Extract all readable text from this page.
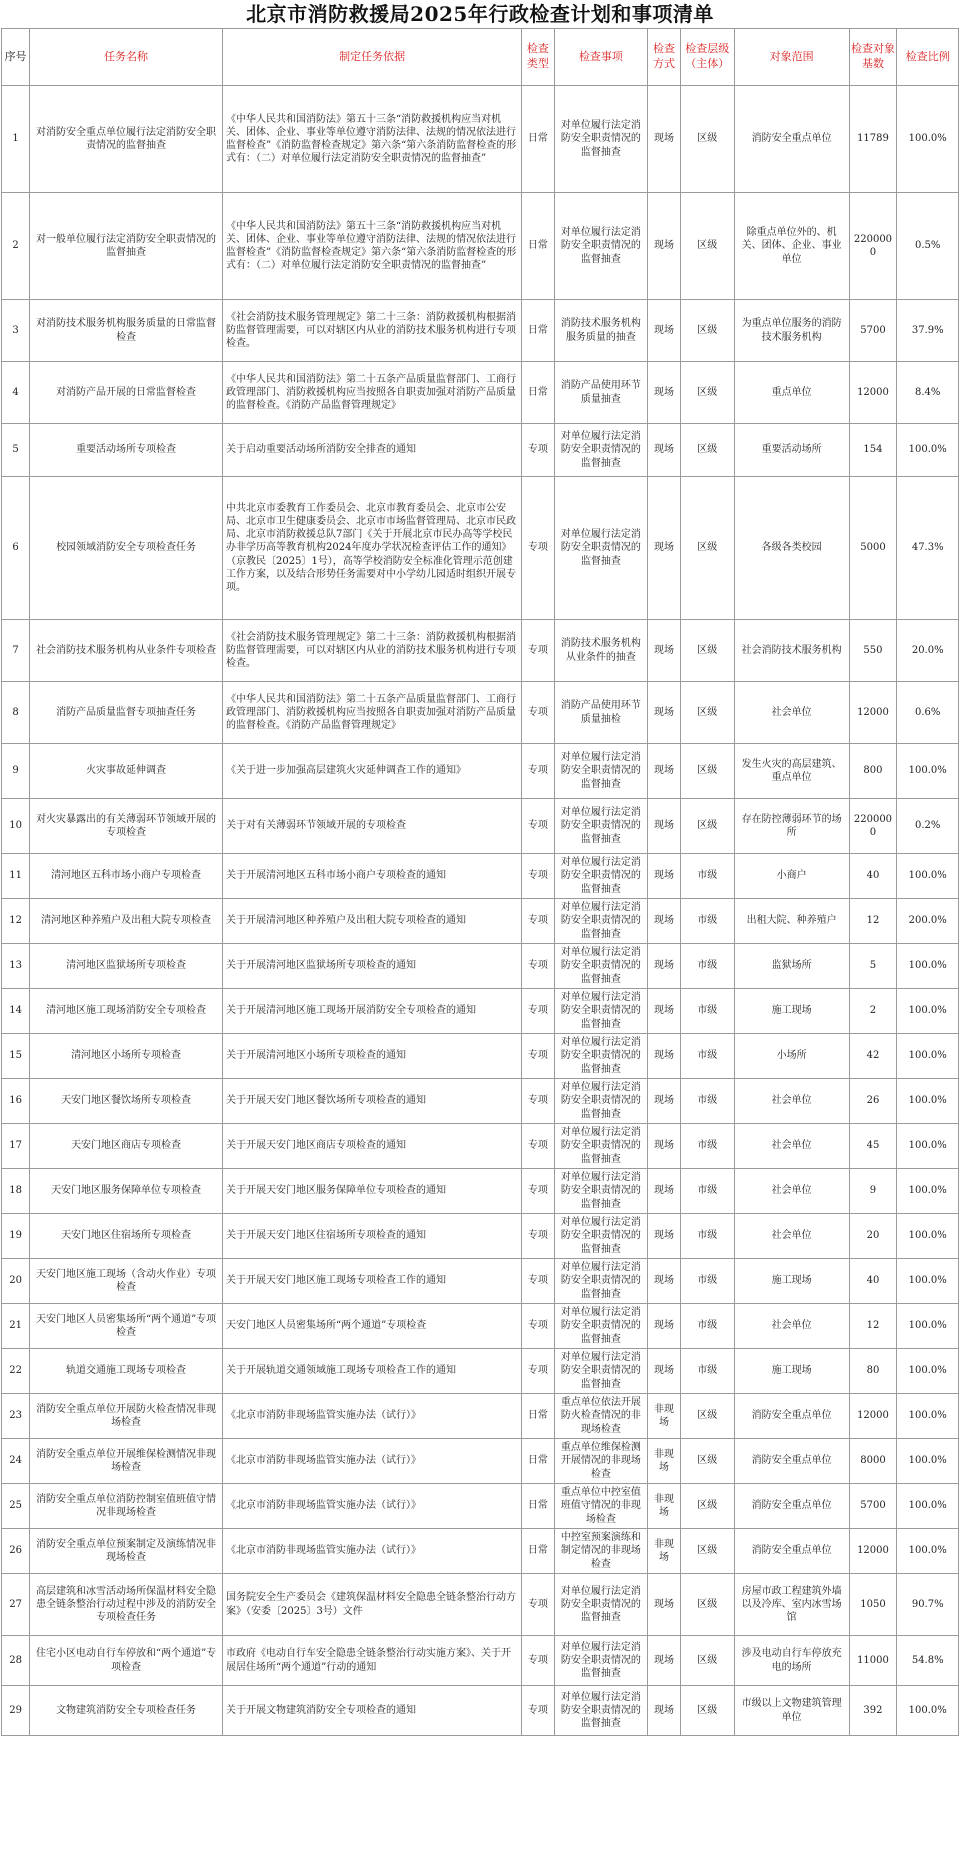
北京市消防救援局2025年行政检查计划和事项清单
序号	任务名称	制定任务依据	检查类型	检查事项	检查方式	检查层级（主体）	对象范围	检查对象基数	检查比例
1	对消防安全重点单位履行法定消防安全职责情况的监督抽查	《中华人民共和国消防法》第五十三条“消防救援机构应当对机关、团体、企业、事业等单位遵守消防法律、法规的情况依法进行监督检查”《消防监督检查规定》第六条“第六条消防监督检查的形式有：（二）对单位履行法定消防安全职责情况的监督抽查”	日常	对单位履行法定消防安全职责情况的监督抽查	现场	区级	消防安全重点单位	11789	100.0%
2	对一般单位履行法定消防安全职责情况的监督抽查	《中华人民共和国消防法》第五十三条“消防救援机构应当对机关、团体、企业、事业等单位遵守消防法律、法规的情况依法进行监督检查”《消防监督检查规定》第六条“第六条消防监督检查的形式有：（二）对单位履行法定消防安全职责情况的监督抽查”	日常	对单位履行法定消防安全职责情况的监督抽查	现场	区级	除重点单位外的、机关、团体、企业、事业单位	2200000	0.5%
3	对消防技术服务机构服务质量的日常监督检查	《社会消防技术服务管理规定》第二十三条：消防救援机构根据消防监督管理需要，可以对辖区内从业的消防技术服务机构进行专项检查。	日常	消防技术服务机构服务质量的抽查	现场	区级	为重点单位服务的消防技术服务机构	5700	37.9%
4	对消防产品开展的日常监督检查	《中华人民共和国消防法》第二十五条产品质量监督部门、工商行政管理部门、消防救援机构应当按照各自职责加强对消防产品质量的监督检查。《消防产品监督管理规定》	日常	消防产品使用环节质量抽查	现场	区级	重点单位	12000	8.4%
5	重要活动场所专项检查	关于启动重要活动场所消防安全排查的通知	专项	对单位履行法定消防安全职责情况的监督抽查	现场	区级	重要活动场所	154	100.0%
6	校园领域消防安全专项检查任务	中共北京市委教育工作委员会、北京市教育委员会、北京市公安局、北京市卫生健康委员会、北京市市场监督管理局、北京市民政局、北京市消防救援总队7部门《关于开展北京市民办高等学校民办非学历高等教育机构2024年度办学状况检查评估工作的通知》（京教民〔2025〕1号），高等学校消防安全标准化管理示范创建工作方案，以及结合形势任务需要对中小学幼儿园适时组织开展专项。	专项	对单位履行法定消防安全职责情况的监督抽查	现场	区级	各级各类校园	5000	47.3%
7	社会消防技术服务机构从业条件专项检查	《社会消防技术服务管理规定》第二十三条：消防救援机构根据消防监督管理需要，可以对辖区内从业的消防技术服务机构进行专项检查。	专项	消防技术服务机构从业条件的抽查	现场	区级	社会消防技术服务机构	550	20.0%
8	消防产品质量监督专项抽查任务	《中华人民共和国消防法》第二十五条产品质量监督部门、工商行政管理部门、消防救援机构应当按照各自职责加强对消防产品质量的监督检查。《消防产品监督管理规定》	专项	消防产品使用环节质量抽检	现场	区级	社会单位	12000	0.6%
9	火灾事故延伸调查	《关于进一步加强高层建筑火灾延伸调查工作的通知》	专项	对单位履行法定消防安全职责情况的监督抽查	现场	区级	发生火灾的高层建筑、重点单位	800	100.0%
10	对火灾暴露出的有关薄弱环节领域开展的专项检查	关于对有关薄弱环节领域开展的专项检查	专项	对单位履行法定消防安全职责情况的监督抽查	现场	区级	存在防控薄弱环节的场所	2200000	0.2%
11	清河地区五科市场小商户专项检查	关于开展清河地区五科市场小商户专项检查的通知	专项	对单位履行法定消防安全职责情况的监督抽查	现场	市级	小商户	40	100.0%
12	清河地区种养殖户及出租大院专项检查	关于开展清河地区种养殖户及出租大院专项检查的通知	专项	对单位履行法定消防安全职责情况的监督抽查	现场	市级	出租大院、种养殖户	12	200.0%
13	清河地区监狱场所专项检查	关于开展清河地区监狱场所专项检查的通知	专项	对单位履行法定消防安全职责情况的监督抽查	现场	市级	监狱场所	5	100.0%
14	清河地区施工现场消防安全专项检查	关于开展清河地区施工现场开展消防安全专项检查的通知	专项	对单位履行法定消防安全职责情况的监督抽查	现场	市级	施工现场	2	100.0%
15	清河地区小场所专项检查	关于开展清河地区小场所专项检查的通知	专项	对单位履行法定消防安全职责情况的监督抽查	现场	市级	小场所	42	100.0%
16	天安门地区餐饮场所专项检查	关于开展天安门地区餐饮场所专项检查的通知	专项	对单位履行法定消防安全职责情况的监督抽查	现场	市级	社会单位	26	100.0%
17	天安门地区商店专项检查	关于开展天安门地区商店专项检查的通知	专项	对单位履行法定消防安全职责情况的监督抽查	现场	市级	社会单位	45	100.0%
18	天安门地区服务保障单位专项检查	关于开展天安门地区服务保障单位专项检查的通知	专项	对单位履行法定消防安全职责情况的监督抽查	现场	市级	社会单位	9	100.0%
19	天安门地区住宿场所专项检查	关于开展天安门地区住宿场所专项检查的通知	专项	对单位履行法定消防安全职责情况的监督抽查	现场	市级	社会单位	20	100.0%
20	天安门地区施工现场（含动火作业）专项检查	关于开展天安门地区施工现场专项检查工作的通知	专项	对单位履行法定消防安全职责情况的监督抽查	现场	市级	施工现场	40	100.0%
21	天安门地区人员密集场所“两个通道”专项检查	天安门地区人员密集场所“两个通道”专项检查	专项	对单位履行法定消防安全职责情况的监督抽查	现场	市级	社会单位	12	100.0%
22	轨道交通施工现场专项检查	关于开展轨道交通领域施工现场专项检查工作的通知	专项	对单位履行法定消防安全职责情况的监督抽查	现场	市级	施工现场	80	100.0%
23	消防安全重点单位开展防火检查情况非现场检查	《北京市消防非现场监管实施办法（试行）》	日常	重点单位依法开展防火检查情况的非现场检查	非现场	区级	消防安全重点单位	12000	100.0%
24	消防安全重点单位开展维保检测情况非现场检查	《北京市消防非现场监管实施办法（试行）》	日常	重点单位维保检测开展情况的非现场检查	非现场	区级	消防安全重点单位	8000	100.0%
25	消防安全重点单位消防控制室值班值守情况非现场检查	《北京市消防非现场监管实施办法（试行）》	日常	重点单位中控室值班值守情况的非现场检查	非现场	区级	消防安全重点单位	5700	100.0%
26	消防安全重点单位预案制定及演练情况非现场检查	《北京市消防非现场监管实施办法（试行）》	日常	中控室预案演练和制定情况的非现场检查	非现场	区级	消防安全重点单位	12000	100.0%
27	高层建筑和冰雪活动场所保温材料安全隐患全链条整治行动过程中涉及的消防安全专项检查任务	国务院安全生产委员会《建筑保温材料安全隐患全链条整治行动方案》（安委〔2025〕3号）文件	专项	对单位履行法定消防安全职责情况的监督抽查	现场	区级	房屋市政工程建筑外墙以及冷库、室内冰雪场馆	1050	90.7%
28	住宅小区电动自行车停放和“两个通道”专项检查	市政府《电动自行车安全隐患全链条整治行动实施方案》、关于开展居住场所“两个通道”行动的通知	专项	对单位履行法定消防安全职责情况的监督抽查	现场	区级	涉及电动自行车停放充电的场所	11000	54.8%
29	文物建筑消防安全专项检查任务	关于开展文物建筑消防安全专项检查的通知	专项	对单位履行法定消防安全职责情况的监督抽查	现场	区级	市级以上文物建筑管理单位	392	100.0%
